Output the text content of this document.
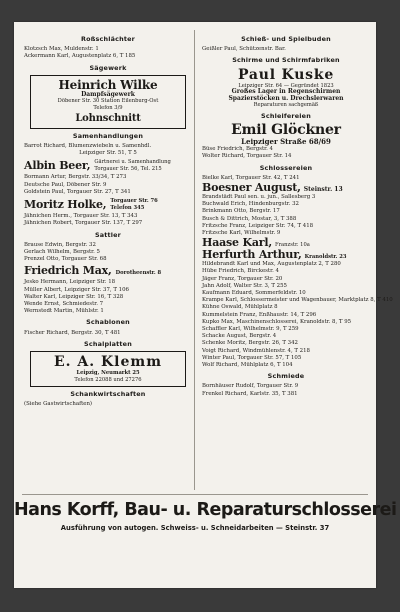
Roßschlächter
Klotzsch Max, Muldenstr. 1
Ackermann Karl, Augustenplatz 6, T 185
Sägewerk
Heinrich Wilke
Dampfsägewerk
Döbener Str. 30 Station Eilenburg-Ost
Telefon 3/9
Lohnschnitt
Samenhandlungen
Barrot Richard, Blumenzwiebeln u. Samenhdl.
Leipziger Str. 51, T 5
Albin Beer, Gärtnerei u. Samenhandlung
Torgauer Str. 56, Tel. 215
Bormann Artur, Bergstr. 33/34, T 273
Deutsche Paul, Döbener Str. 9
Goldstein Paul, Torgauer Str. 27, T 341
Moritz Holke, Torgauer Str. 76
Telefon 345
Jähnichen Herm., Torgauer Str. 13, T 343
Jähnichen Robert, Torgauer Str. 137, T 297
Sattler
Brause Edwin, Bergstr. 32
Gerlach Wilhelm, Bergstr. 5
Prenzel Otto, Torgauer Str. 68
Friedrich Max, Dorotheenstr. 8
Jesko Hermann, Leipziger Str. 18
Müller Albert, Leipziger Str. 37, T 106
Walter Karl, Leipziger Str. 16, T 328
Wende Ernst, Schmiedestr. 7
Wernstedt Martin, Mühlstr. 1
Schablonen
Fischer Richard, Bergstr. 30, T 481
Schalplatten
E. A. Klemm
Leipzig, Neumarkt 25
Telefon 22088 und 27276
Schankwirtschaften
(Siehe Gastwirtschaften)
Schieß- und Spielbuden
Geißler Paul, Schützenstr. Bar.
Schirme und Schirmfabriken
Paul Kuske
Leipziger Str. 64 — Gegründet 1823
Großes Lager in Regenschirmen
Spazierstöcken u. Drechslerwaren
Reparaturen sachgemäß
Schleifereien
Emil Glöckner
Leipziger Straße 68/69
Büse Friedrich, Bergstr. 4
Wolter Richard, Torgauer Str. 14
Schlossereien
Bielke Karl, Torgauer Str. 42, T 241
Boesner August, Steinstr. 13
Brandstädt Paul sen. u. jun., Sallesberg 3
Buchwald Erich, Hindenburgstr. 32
Brinkmann Otto, Bergstr. 17
Busch & Dittrich, Mostar, 3, T 388
Fritzsche Franz, Leipziger Str. 74, T 418
Fritzsche Karl, Wilhelmstr. 9
Haase Karl, Franzstr. 10a
Herfurth Arthur, Kranoldstr. 23
Hildebrandt Karl und Max, Augustenplatz 2, T 280
Hübe Friedrich, Birckestr. 4
Jäger Franz, Torgauer Str. 20
Jahn Adolf, Walter Str. 3, T 255
Kaufmann Eduard, Sommerfeldstr. 10
Krampe Karl, Schlossermeister und Wagenbauer, Marktplatz 8, T 410
Kühne Oswald, Mühlplatz 8
Kummelstein Franz, Enßhaustr. 14, T 296
Kupko Max, Maschinenschlosserei, Kranoldstr. 8, T 95
Schaffler Karl, Wilhelmstr. 9, T 259
Schacke August, Bergstr. 4
Schenke Moritz, Bergstr. 26, T 342
Voigt Richard, Windmühlenstr. 4, T 218
Winter Paul, Torgauer Str. 57, T 105
Wolf Richard, Mühlplatz 6, T 104
Schmiede
Bornhäuser Rudolf, Torgauer Str. 9
Frenkel Richard, Karlstr. 35, T 381
Hans Korff, Bau- u. Reparaturschlosserei
Ausführung von autogen. Schweiss- u. Schneidarbeiten — Steinstr. 37
